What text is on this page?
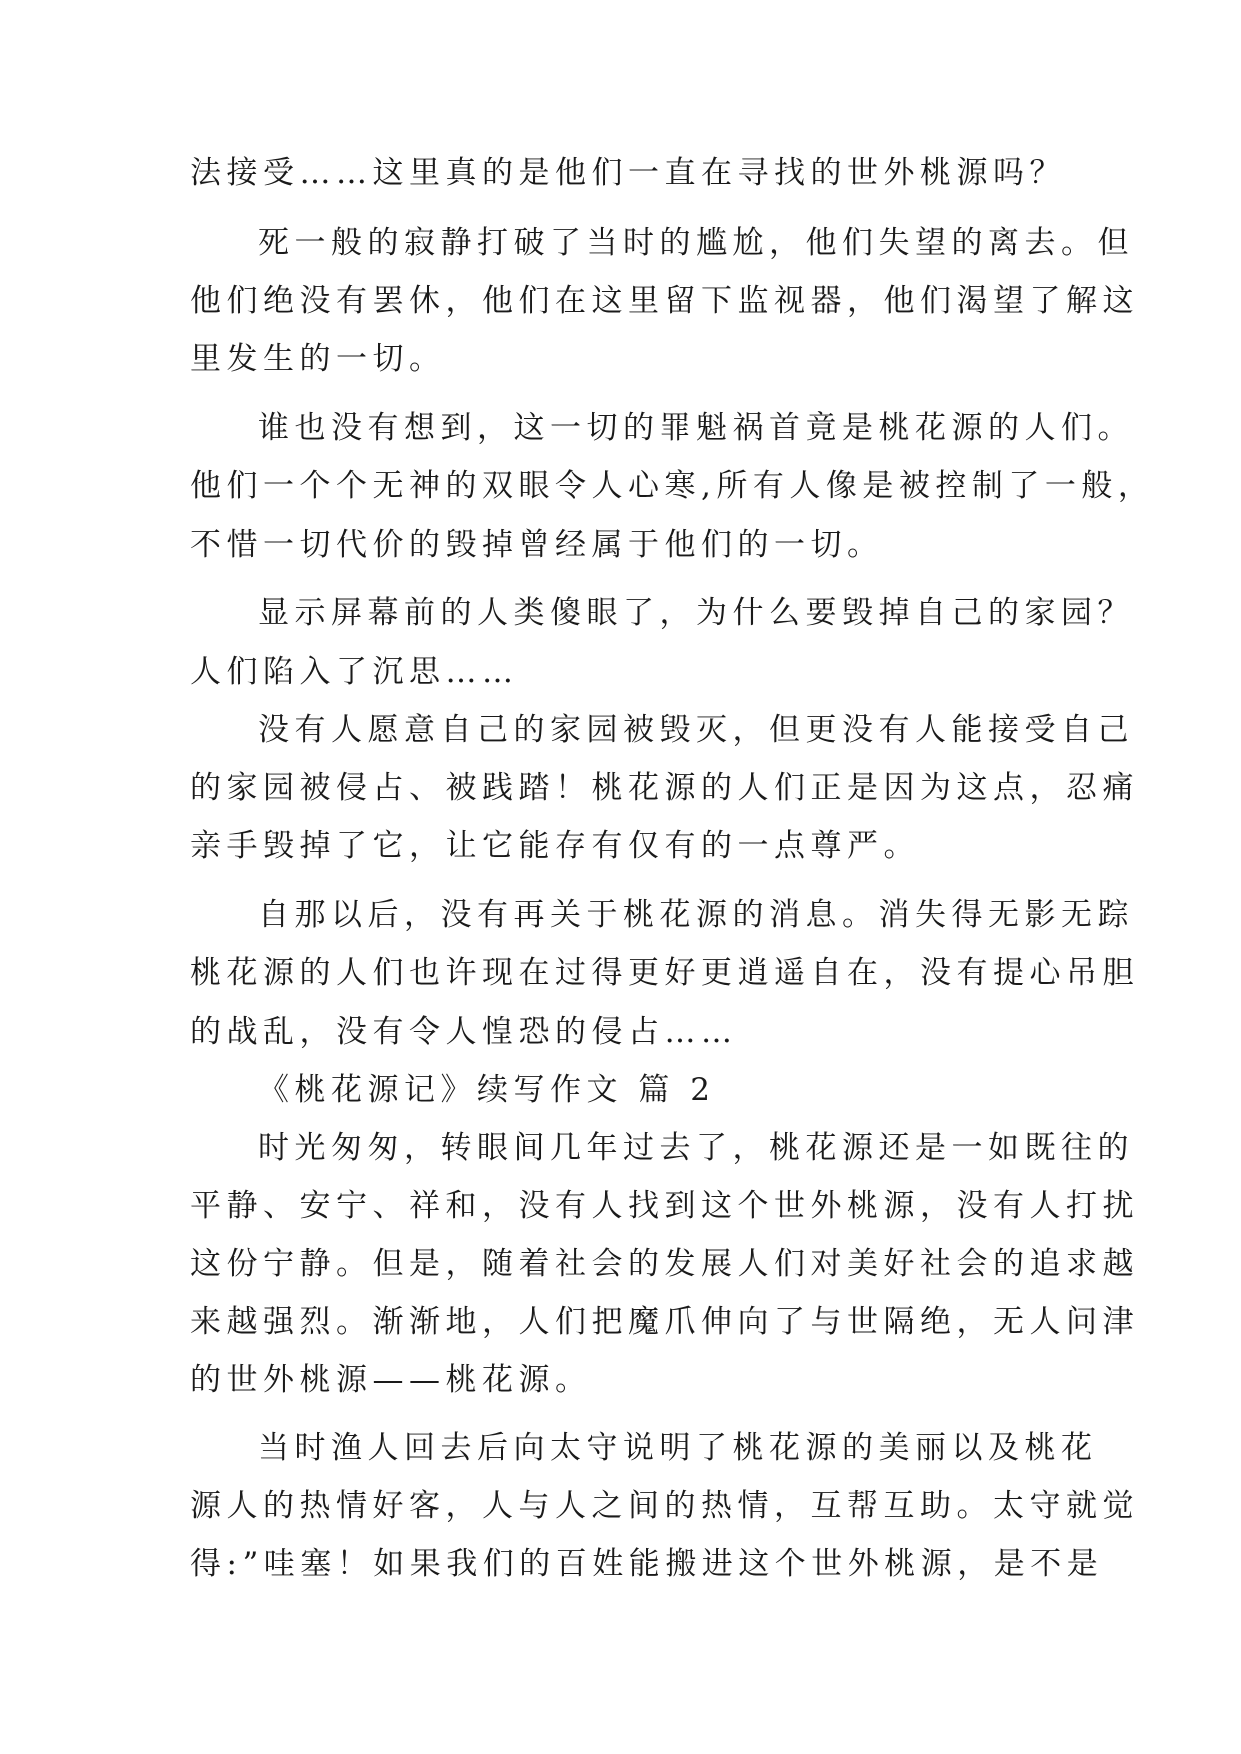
法接受……这里真的是他们一直在寻找的世外桃源吗？
死一般的寂静打破了当时的尴尬，他们失望的离去。但
他们绝没有罢休，他们在这里留下监视器，他们渴望了解这
里发生的一切。
谁也没有想到，这一切的罪魁祸首竟是桃花源的人们。
他们一个个无神的双眼令人心寒,所有人像是被控制了一般，
不惜一切代价的毁掉曾经属于他们的一切。
显示屏幕前的人类傻眼了，为什么要毁掉自己的家园？
人们陷入了沉思……
没有人愿意自己的家园被毁灭，但更没有人能接受自己
的家园被侵占、被践踏！桃花源的人们正是因为这点，忍痛
亲手毁掉了它，让它能存有仅有的一点尊严。
自那以后，没有再关于桃花源的消息。消失得无影无踪
桃花源的人们也许现在过得更好更逍遥自在，没有提心吊胆
的战乱，没有令人惶恐的侵占……
《桃花源记》续写作文 篇 2
时光匆匆，转眼间几年过去了，桃花源还是一如既往的
平静、安宁、祥和，没有人找到这个世外桃源，没有人打扰
这份宁静。但是，随着社会的发展人们对美好社会的追求越
来越强烈。渐渐地，人们把魔爪伸向了与世隔绝，无人问津
的世外桃源——桃花源。
当时渔人回去后向太守说明了桃花源的美丽以及桃花
源人的热情好客，人与人之间的热情，互帮互助。太守就觉
得:”哇塞！如果我们的百姓能搬进这个世外桃源，是不是
